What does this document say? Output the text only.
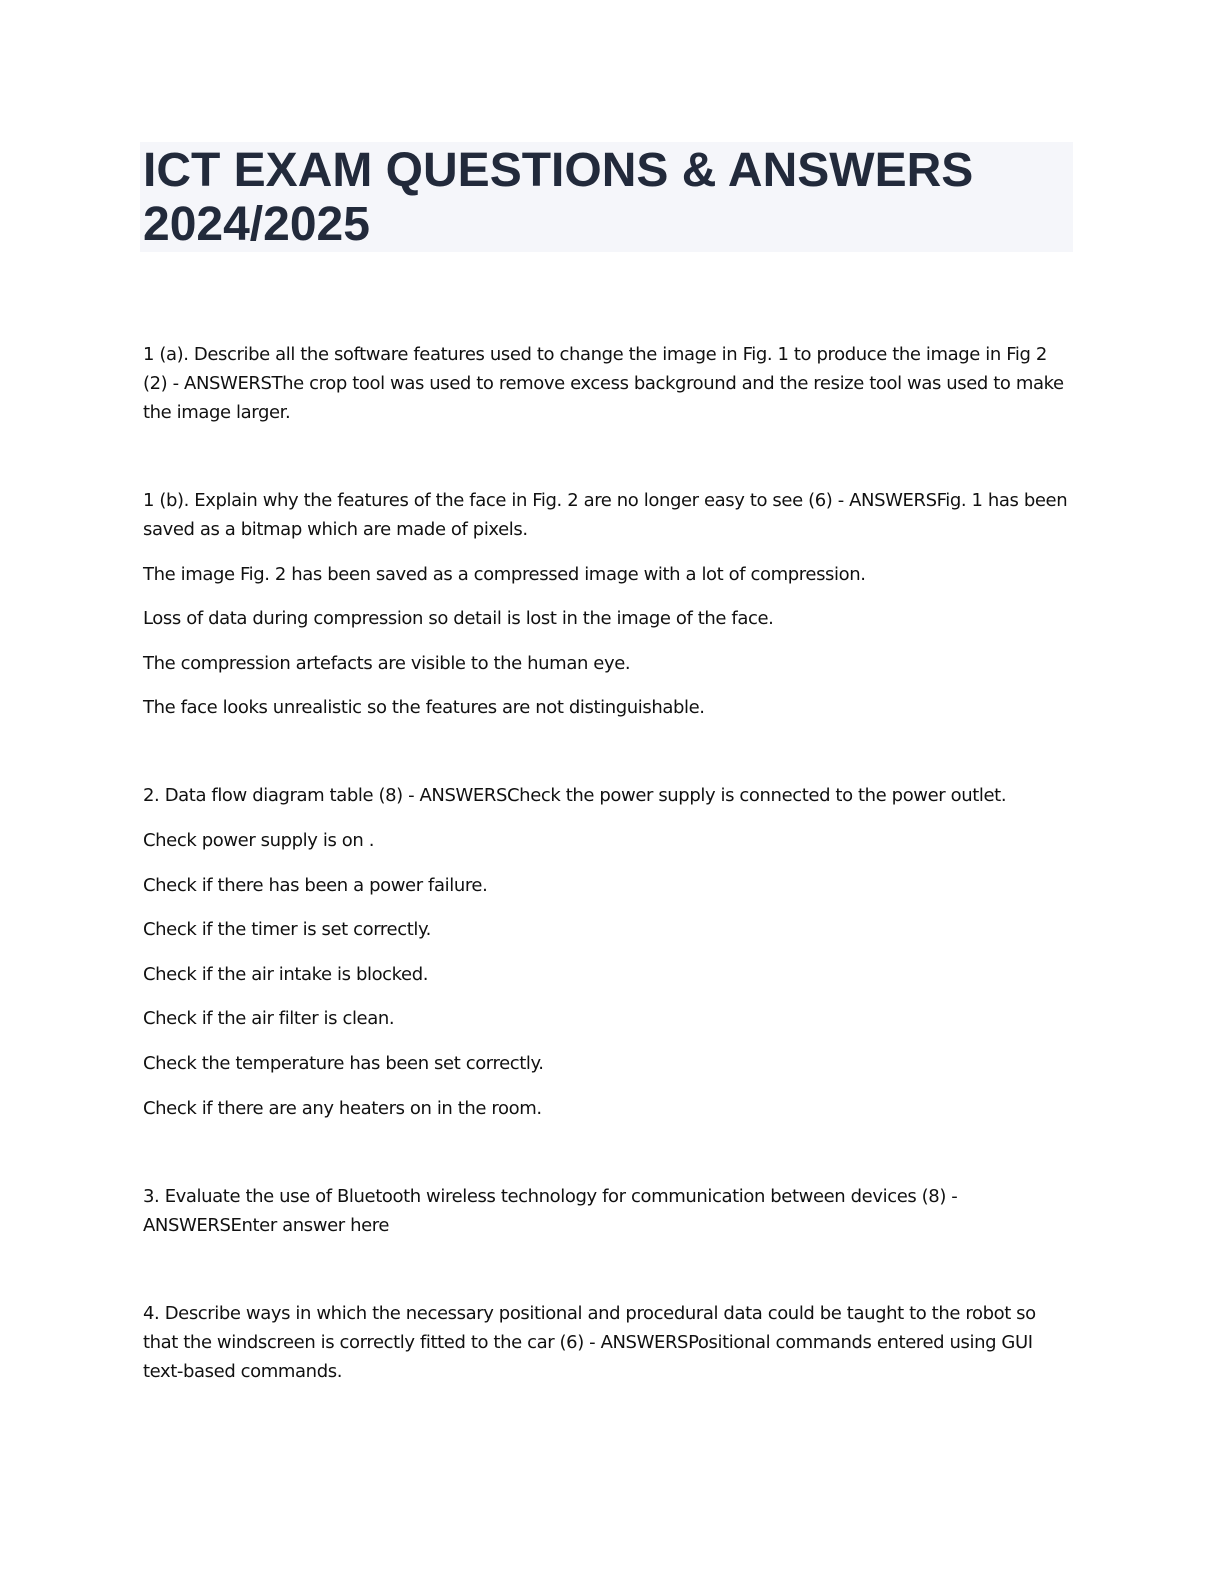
ICT EXAM QUESTIONS & ANSWERS 2024/2025

1 (a). Describe all the software features used to change the image in Fig. 1 to produce the image in Fig 2 (2) - ANSWERSThe crop tool was used to remove excess background and the resize tool was used to make the image larger.

1 (b). Explain why the features of the face in Fig. 2 are no longer easy to see (6) - ANSWERSFig. 1 has been saved as a bitmap which are made of pixels.

The image Fig. 2 has been saved as a compressed image with a lot of compression.

Loss of data during compression so detail is lost in the image of the face.

The compression artefacts are visible to the human eye.

The face looks unrealistic so the features are not distinguishable.

2. Data flow diagram table (8) - ANSWERSCheck the power supply is connected to the power outlet.

Check power supply is on .

Check if there has been a power failure.

Check if the timer is set correctly.

Check if the air intake is blocked.

Check if the air filter is clean.

Check the temperature has been set correctly.

Check if there are any heaters on in the room.

3. Evaluate the use of Bluetooth wireless technology for communication between devices (8) - ANSWERSEnter answer here

4. Describe ways in which the necessary positional and procedural data could be taught to the robot so that the windscreen is correctly fitted to the car (6) - ANSWERSPositional commands entered using GUI text-based commands.
